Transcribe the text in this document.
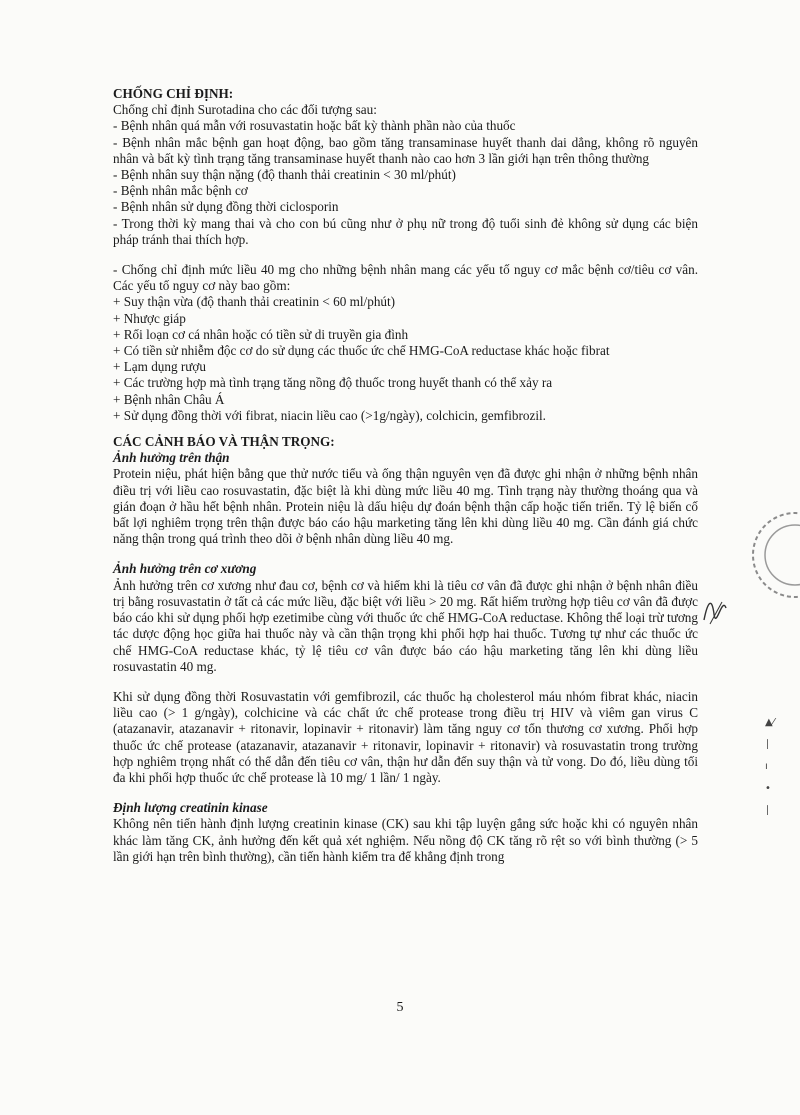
CHỐNG CHỈ ĐỊNH:

Chống chỉ định Surotadina cho các đối tượng sau:

- Bệnh nhân quá mẫn với rosuvastatin hoặc bất kỳ thành phần nào của thuốc
- Bệnh nhân mắc bệnh gan hoạt động, bao gồm tăng transaminase huyết thanh dai dẳng, không rõ nguyên nhân và bất kỳ tình trạng tăng transaminase huyết thanh nào cao hơn 3 lần giới hạn trên thông thường
- Bệnh nhân suy thận nặng (độ thanh thải creatinin < 30 ml/phút)
- Bệnh nhân mắc bệnh cơ
- Bệnh nhân sử dụng đồng thời ciclosporin
- Trong thời kỳ mang thai và cho con bú cũng như ở phụ nữ trong độ tuổi sinh đẻ không sử dụng các biện pháp tránh thai thích hợp.

- Chống chỉ định mức liều 40 mg cho những bệnh nhân mang các yếu tố nguy cơ mắc bệnh cơ/tiêu cơ vân. Các yếu tố nguy cơ này bao gồm:

+ Suy thận vừa (độ thanh thải creatinin < 60 ml/phút)
+ Nhược giáp
+ Rối loạn cơ cá nhân hoặc có tiền sử di truyền gia đình
+ Có tiền sử nhiễm độc cơ do sử dụng các thuốc ức chế HMG-CoA reductase khác hoặc fibrat
+ Lạm dụng rượu
+ Các trường hợp mà tình trạng tăng nồng độ thuốc trong huyết thanh có thể xảy ra
+ Bệnh nhân Châu Á
+ Sử dụng đồng thời với fibrat, niacin liều cao (>1g/ngày), colchicin, gemfibrozil.

CÁC CẢNH BÁO VÀ THẬN TRỌNG:

Ảnh hưởng trên thận

Protein niệu, phát hiện bằng que thử nước tiểu và ống thận nguyên vẹn đã được ghi nhận ở những bệnh nhân điều trị với liều cao rosuvastatin, đặc biệt là khi dùng mức liều 40 mg. Tình trạng này thường thoáng qua và gián đoạn ở hầu hết bệnh nhân. Protein niệu là dấu hiệu dự đoán bệnh thận cấp hoặc tiến triển. Tỷ lệ biến cố bất lợi nghiêm trọng trên thận được báo cáo hậu marketing tăng lên khi dùng liều 40 mg. Cần đánh giá chức năng thận trong quá trình theo dõi ở bệnh nhân dùng liều 40 mg.

Ảnh hưởng trên cơ xương

Ảnh hưởng trên cơ xương như đau cơ, bệnh cơ và hiếm khi là tiêu cơ vân đã được ghi nhận ở bệnh nhân điều trị bằng rosuvastatin ở tất cả các mức liều, đặc biệt với liều > 20 mg. Rất hiếm trường hợp tiêu cơ vân đã được báo cáo khi sử dụng phối hợp ezetimibe cùng với thuốc ức chế HMG-CoA reductase. Không thể loại trừ tương tác dược động học giữa hai thuốc này và cần thận trọng khi phối hợp hai thuốc. Tương tự như các thuốc ức chế HMG-CoA reductase khác, tỷ lệ tiêu cơ vân được báo cáo hậu marketing tăng lên khi dùng liều rosuvastatin 40 mg.

Khi sử dụng đồng thời Rosuvastatin với gemfibrozil, các thuốc hạ cholesterol máu nhóm fibrat khác, niacin liều cao (> 1 g/ngày), colchicine và các chất ức chế protease trong điều trị HIV và viêm gan virus C (atazanavir, atazanavir + ritonavir, lopinavir + ritonavir) làm tăng nguy cơ tổn thương cơ xương. Phối hợp thuốc ức chế protease (atazanavir, atazanavir + ritonavir, lopinavir + ritonavir) và rosuvastatin trong trường hợp nghiêm trọng nhất có thể dẫn đến tiêu cơ vân, thận hư dẫn đến suy thận và tử vong. Do đó, liều dùng tối đa khi phối hợp thuốc ức chế protease là 10 mg/ 1 lần/ 1 ngày.

Định lượng creatinin kinase

Không nên tiến hành định lượng creatinin kinase (CK) sau khi tập luyện gắng sức hoặc khi có nguyên nhân khác làm tăng CK, ảnh hưởng đến kết quả xét nghiệm. Nếu nồng độ CK tăng rõ rệt so với bình thường (> 5 lần giới hạn trên bình thường), cần tiến hành kiểm tra để khẳng định trong

5
▲⁄
∣
ı
•
∣
